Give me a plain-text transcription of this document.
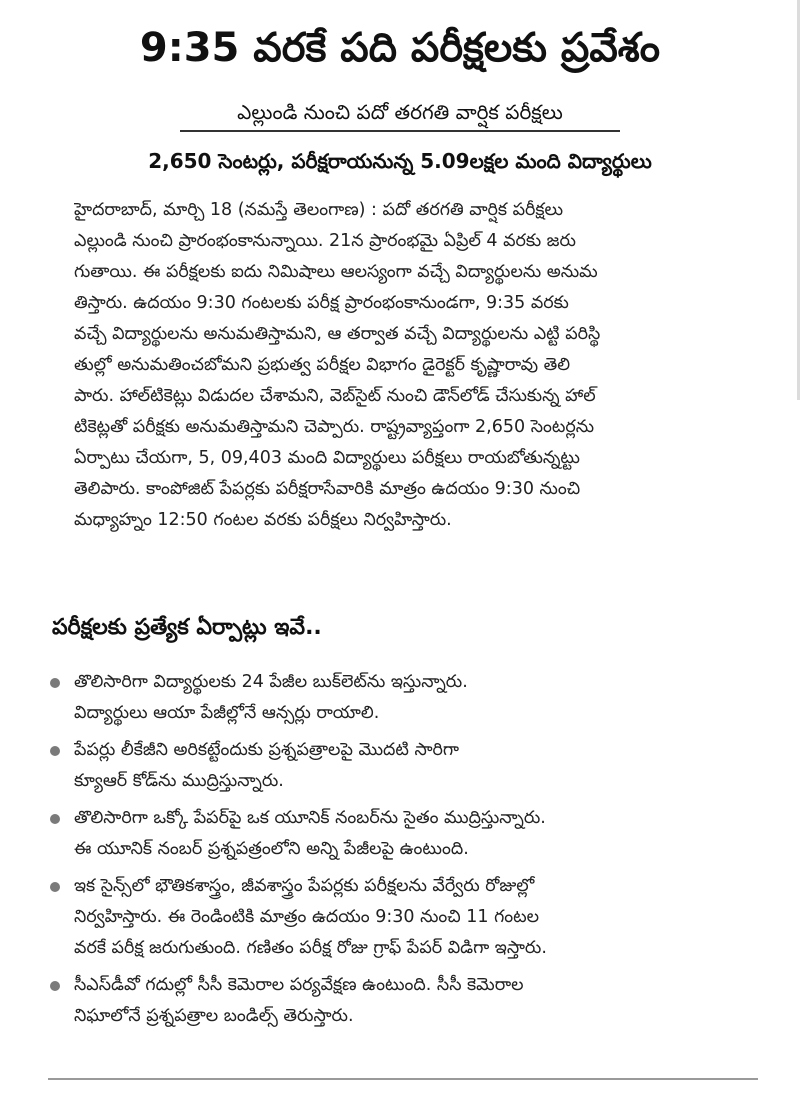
9:35 వరకే పది పరీక్షలకు ప్రవేశం
ఎల్లుండి నుంచి పదో తరగతి వార్షిక పరీక్షలు
2,650 సెంటర్లు, పరీక్షరాయనున్న 5.09లక్షల మంది విద్యార్థులు
హైదరాబాద్, మార్చి 18 (నమస్తే తెలంగాణ) : పదో తరగతి వార్షిక పరీక్షలు
ఎల్లుండి నుంచి ప్రారంభంకానున్నాయి. 21న ప్రారంభమై ఏప్రిల్ 4 వరకు జరు
గుతాయి. ఈ పరీక్షలకు ఐదు నిమిషాలు ఆలస్యంగా వచ్చే విద్యార్థులను అనుమ
తిస్తారు. ఉదయం 9:30 గంటలకు పరీక్ష ప్రారంభంకానుండగా, 9:35 వరకు
వచ్చే విద్యార్థులను అనుమతిస్తామని, ఆ తర్వాత వచ్చే విద్యార్థులను ఎట్టి పరిస్థి
తుల్లో అనుమతించబోమని ప్రభుత్వ పరీక్షల విభాగం డైరెక్టర్ కృష్ణారావు తెలి
పారు. హాల్‌టికెట్లు విడుదల చేశామని, వెబ్‌సైట్ నుంచి డౌన్‌లోడ్ చేసుకున్న హాల్
టికెట్లతో పరీక్షకు అనుమతిస్తామని చెప్పారు. రాష్ట్రవ్యాప్తంగా 2,650 సెంటర్లను
ఏర్పాటు చేయగా, 5, 09,403 మంది విద్యార్థులు పరీక్షలు రాయబోతున్నట్టు
తెలిపారు. కాంపోజిట్ పేపర్లకు పరీక్షరాసేవారికి మాత్రం ఉదయం 9:30 నుంచి
మధ్యాహ్నం 12:50 గంటల వరకు పరీక్షలు నిర్వహిస్తారు.
పరీక్షలకు ప్రత్యేక ఏర్పాట్లు ఇవే..
తొలిసారిగా విద్యార్థులకు 24 పేజీల బుక్‌లెట్‌ను ఇస్తున్నారు.
విద్యార్థులు ఆయా పేజీల్లోనే ఆన్సర్లు రాయాలి.
పేపర్లు లీకేజీని అరికట్టేందుకు ప్రశ్నపత్రాలపై మొదటి సారిగా
క్యూఆర్ కోడ్‌ను ముద్రిస్తున్నారు.
తొలిసారిగా ఒక్కో పేపర్‌పై ఒక యూనిక్ నంబర్‌ను సైతం ముద్రిస్తున్నారు.
ఈ యూనిక్ నంబర్ ప్రశ్నపత్రంలోని అన్ని పేజీలపై ఉంటుంది.
ఇక సైన్స్‌లో భౌతికశాస్త్రం, జీవశాస్త్రం పేపర్లకు పరీక్షలను వేర్వేరు రోజుల్లో
నిర్వహిస్తారు. ఈ రెండింటికి మాత్రం ఉదయం 9:30 నుంచి 11 గంటల
వరకే పరీక్ష జరుగుతుంది. గణితం పరీక్ష రోజు గ్రాఫ్ పేపర్ విడిగా ఇస్తారు.
సీఎస్‌డీవో గదుల్లో సీసీ కెమెరాల పర్యవేక్షణ ఉంటుంది. సీసీ కెమెరాల
నిఘాలోనే ప్రశ్నపత్రాల బండిల్స్ తెరుస్తారు.
